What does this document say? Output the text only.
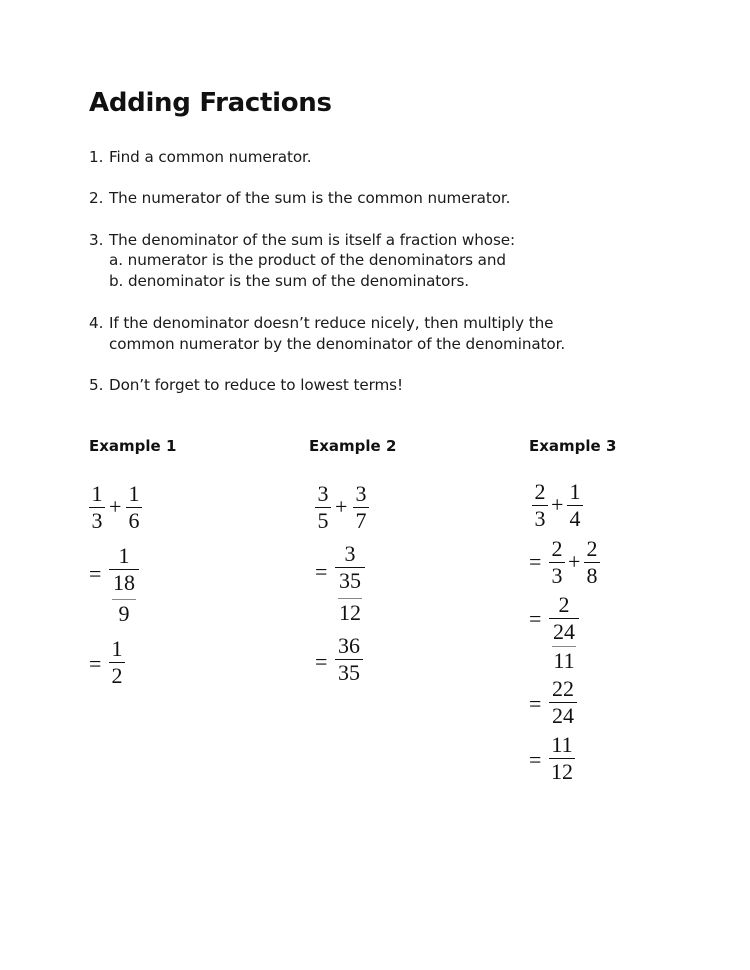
Adding Fractions
1. Find a common numerator.
2. The numerator of the sum is the common numerator.
3. The denominator of the sum is itself a fraction whose:
a. numerator is the product of the denominators and
b. denominator is the sum of the denominators.
4. If the denominator doesn’t reduce nicely, then multiply the
common numerator by the denominator of the denominator.
5. Don’t forget to reduce to lowest terms!
Example 1	Example 2	Example 3
1
3
+
1
6
=
1
18
9
=
1
2
3
5
+
3
7
=
3
35
12
=
36
35
2
3
+
1
4
=
2
3
+
2
8
=
2
24
11
=
22
24
=
11
12
